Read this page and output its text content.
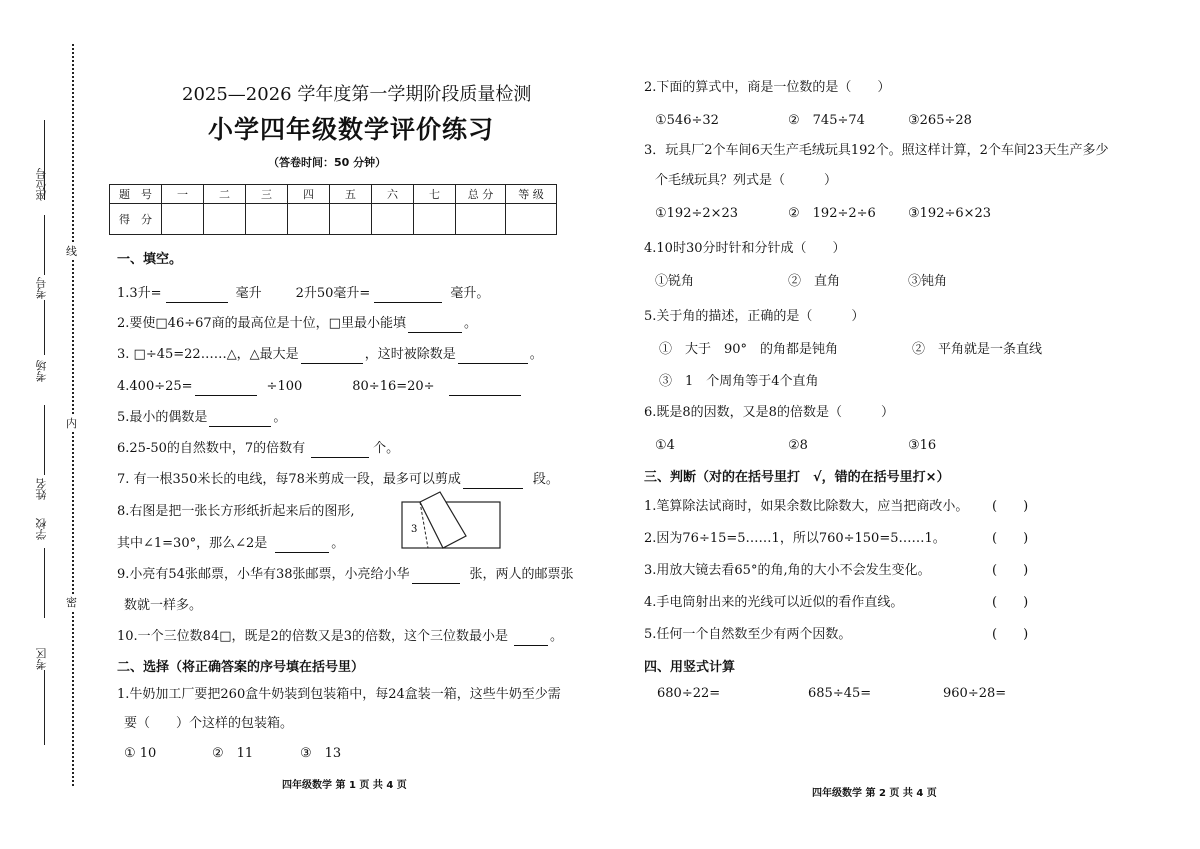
座位号
考号
线
考场
内
姓名
学校
密
考区
2025—2026 学年度第一学期阶段质量检测
小学四年级数学评价练习
（答卷时间：50 分钟）
题　号	一	二	三	四	五	六	七	总 分	等 级
得　分									
一、填空。
1.3升=	毫升	2升50毫升=	毫升。
2.要使□46÷67商的最高位是十位，□里最小能填	。
3. □÷45=22……△，△最大是	，这时被除数是	。
4.400÷25=	÷100	80÷16=20÷
5.最小的偶数是	。
6.25-50的自然数中，7的倍数有	个。
7. 有一根350米长的电线，每78米剪成一段，最多可以剪成	段。
8.右图是把一张长方形纸折起来后的图形,
其中∠1=30°，那么∠2是	。
3
9.小亮有54张邮票，小华有38张邮票，小亮给小华	张，两人的邮票张
数就一样多。
10.一个三位数84□，既是2的倍数又是3的倍数，这个三位数最小是	。
二、选择（将正确答案的序号填在括号里）
1.牛奶加工厂要把260盒牛奶装到包装箱中，每24盒装一箱，这些牛奶至少需
要（　　）个这样的包装箱。
① 10	②　11	③　13
四年级数学 第 1 页 共 4 页
2.下面的算式中，商是一位数的是（　　）
①546÷32	②　745÷74	③265÷28
3．玩具厂2个车间6天生产毛绒玩具192个。照这样计算，2个车间23天生产多少
个毛绒玩具？列式是（　　　）
①192÷2×23	②　192÷2÷6 ③192÷6×23
4.10时30分时针和分针成（　　）
①锐角	②　直角	③钝角
5.关于角的描述，正确的是（　　　）
①　大于　90°　的角都是钝角	②　平角就是一条直线
③　1　个周角等于4个直角
6.既是8的因数，又是8的倍数是（　　　）
①4	②8	③16
三、判断（对的在括号里打　√，错的在括号里打×）
1.笔算除法试商时，如果余数比除数大，应当把商改小。 (　　)
2.因为76÷15=5……1，所以760÷150=5……1。	(　　)
3.用放大镜去看65°的角,角的大小不会发生变化。	(　　)
4.手电筒射出来的光线可以近似的看作直线。	(　　)
5.任何一个自然数至少有两个因数。	(　　)
四、用竖式计算
680÷22=	685÷45=	960÷28=
四年级数学 第 2 页 共 4 页
